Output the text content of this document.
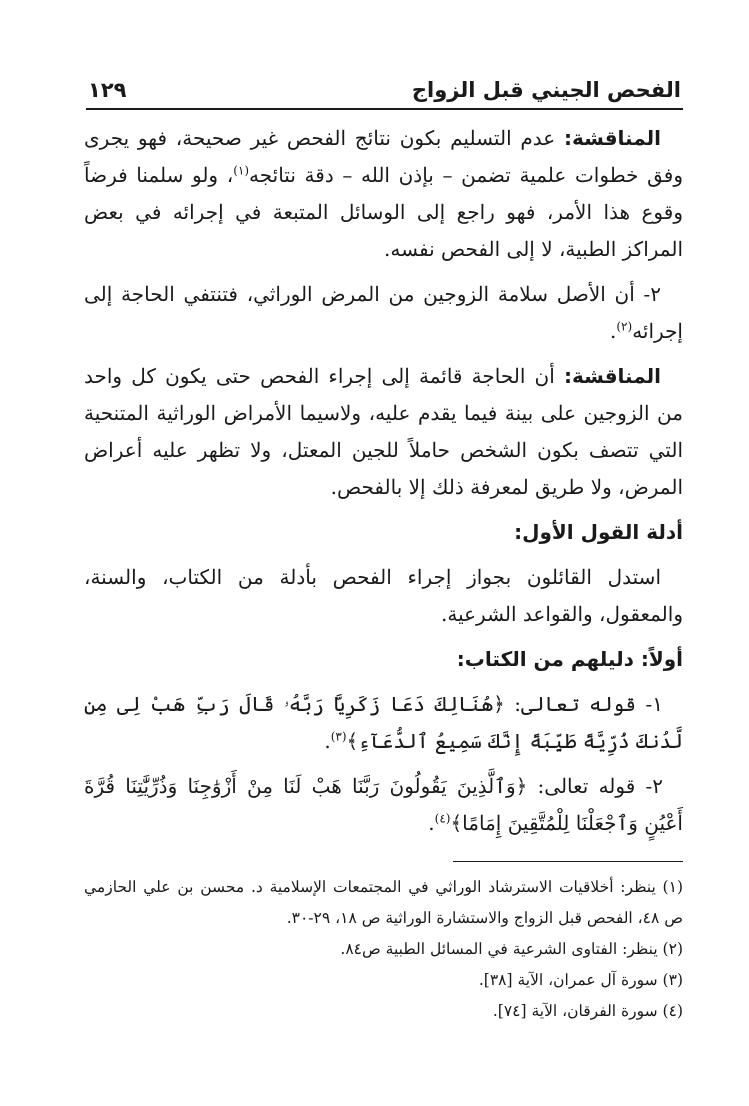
الفحص الجيني قبل الزواج
١٢٩

المناقشة: عدم التسليم بكون نتائج الفحص غير صحيحة، فهو يجرى وفق خطوات علمية تضمن – بإذن الله – دقة نتائجه$^{(١)}$، ولو سلمنا فرضاً وقوع هذا الأمر، فهو راجع إلى الوسائل المتبعة في إجرائه في بعض المراكز الطبية، لا إلى الفحص نفسه.

٢- أن الأصل سلامة الزوجين من المرض الوراثي، فتنتفي الحاجة إلى إجرائه$^{(٢)}$.

المناقشة: أن الحاجة قائمة إلى إجراء الفحص حتى يكون كل واحد من الزوجين على بينة فيما يقدم عليه، ولاسيما الأمراض الوراثية المتنحية التي تتصف بكون الشخص حاملاً للجين المعتل، ولا تظهر عليه أعراض المرض، ولا طريق لمعرفة ذلك إلا بالفحص.

أدلة القول الأول:

استدل القائلون بجواز إجراء الفحص بأدلة من الكتاب، والسنة، والمعقول، والقواعد الشرعية.

أولاً: دليلهم من الكتاب:

١- قوله تعالى: ﴿هُنَالِكَ دَعَا زَكَرِيَّا رَبَّهُۥ قَالَ رَبِّ هَبْ لِى مِن لَّدُنكَ ذُرِّيَّةً طَيِّبَةً إِنَّكَ سَمِيعُ ٱلدُّعَآءِ﴾$^{(٣)}$.

٢- قوله تعالى: ﴿وَٱلَّذِينَ يَقُولُونَ رَبَّنَا هَبْ لَنَا مِنْ أَزْوَٰجِنَا وَذُرِّيَّٰتِنَا قُرَّةَ أَعْيُنٍ وَٱجْعَلْنَا لِلْمُتَّقِينَ إِمَامًا﴾$^{(٤)}$.

(١) ينظر: أخلاقيات الاسترشاد الوراثي في المجتمعات الإسلامية د. محسن بن علي الحازمي ص ٤٨، الفحص قبل الزواج والاستشارة الوراثية ص ١٨، ٢٩-٣٠.

(٢) ينظر: الفتاوى الشرعية في المسائل الطبية ص٨٤.

(٣) سورة آل عمران، الآية [٣٨].

(٤) سورة الفرقان، الآية [٧٤].
